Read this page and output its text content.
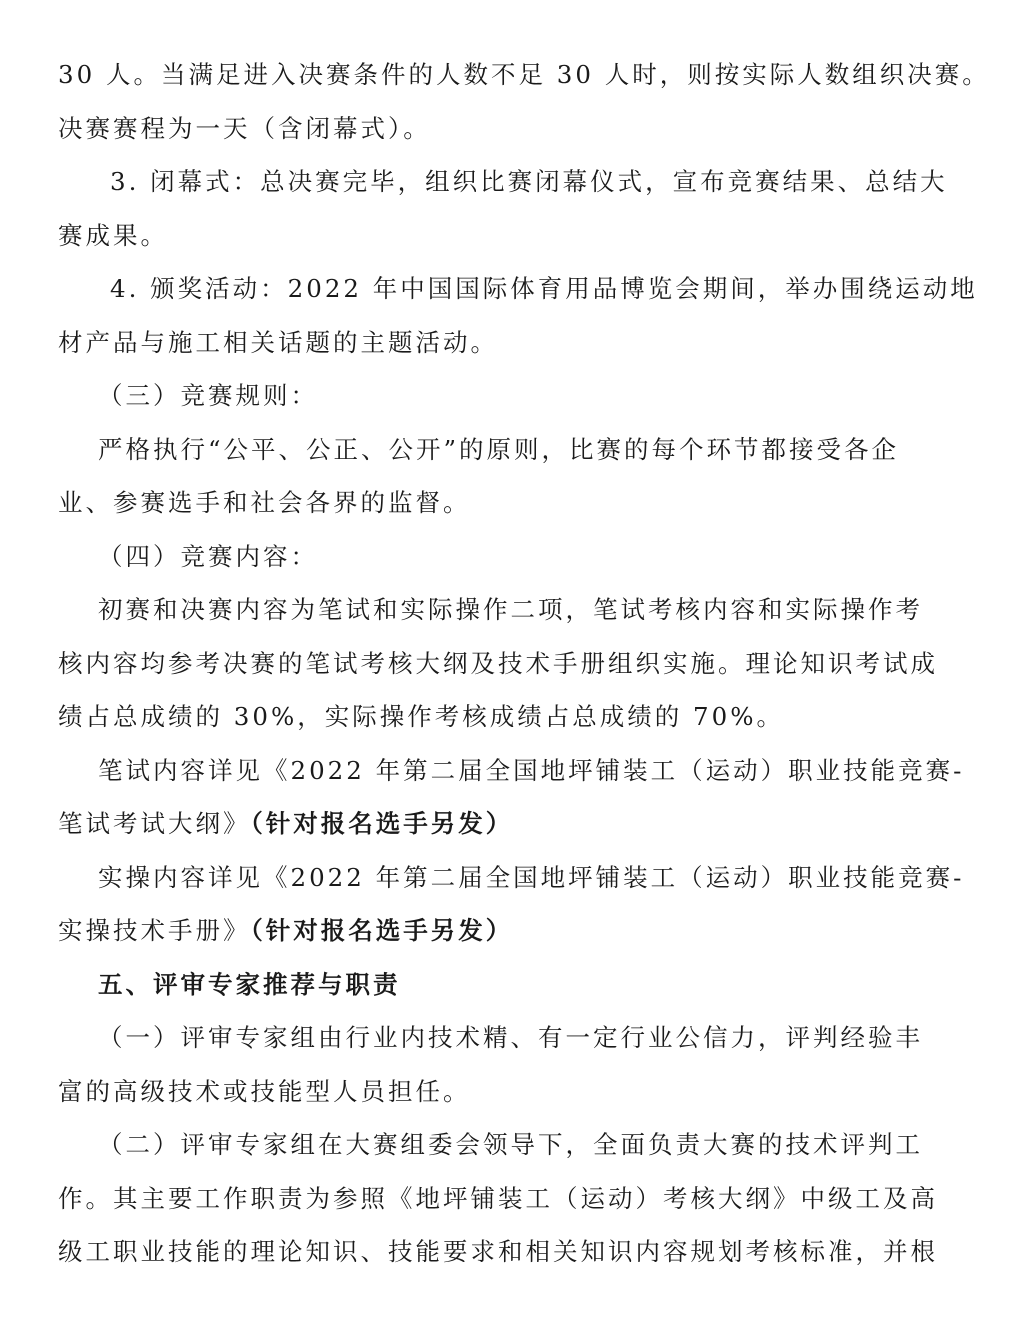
30 人。当满足进入决赛条件的人数不足 30 人时，则按实际人数组织决赛。
决赛赛程为一天（含闭幕式）。

3. 闭幕式：总决赛完毕，组织比赛闭幕仪式，宣布竞赛结果、总结大
赛成果。

4. 颁奖活动：2022 年中国国际体育用品博览会期间，举办围绕运动地
材产品与施工相关话题的主题活动。

（三）竞赛规则：

严格执行“公平、公正、公开”的原则，比赛的每个环节都接受各企
业、参赛选手和社会各界的监督。

（四）竞赛内容：

初赛和决赛内容为笔试和实际操作二项，笔试考核内容和实际操作考
核内容均参考决赛的笔试考核大纲及技术手册组织实施。理论知识考试成
绩占总成绩的 30%，实际操作考核成绩占总成绩的 70%。

笔试内容详见《2022 年第二届全国地坪铺装工（运动）职业技能竞赛-
笔试考试大纲》（针对报名选手另发）

实操内容详见《2022 年第二届全国地坪铺装工（运动）职业技能竞赛-
实操技术手册》（针对报名选手另发）

五、评审专家推荐与职责

（一）评审专家组由行业内技术精、有一定行业公信力，评判经验丰
富的高级技术或技能型人员担任。

（二）评审专家组在大赛组委会领导下，全面负责大赛的技术评判工
作。其主要工作职责为参照《地坪铺装工（运动）考核大纲》中级工及高
级工职业技能的理论知识、技能要求和相关知识内容规划考核标准，并根
